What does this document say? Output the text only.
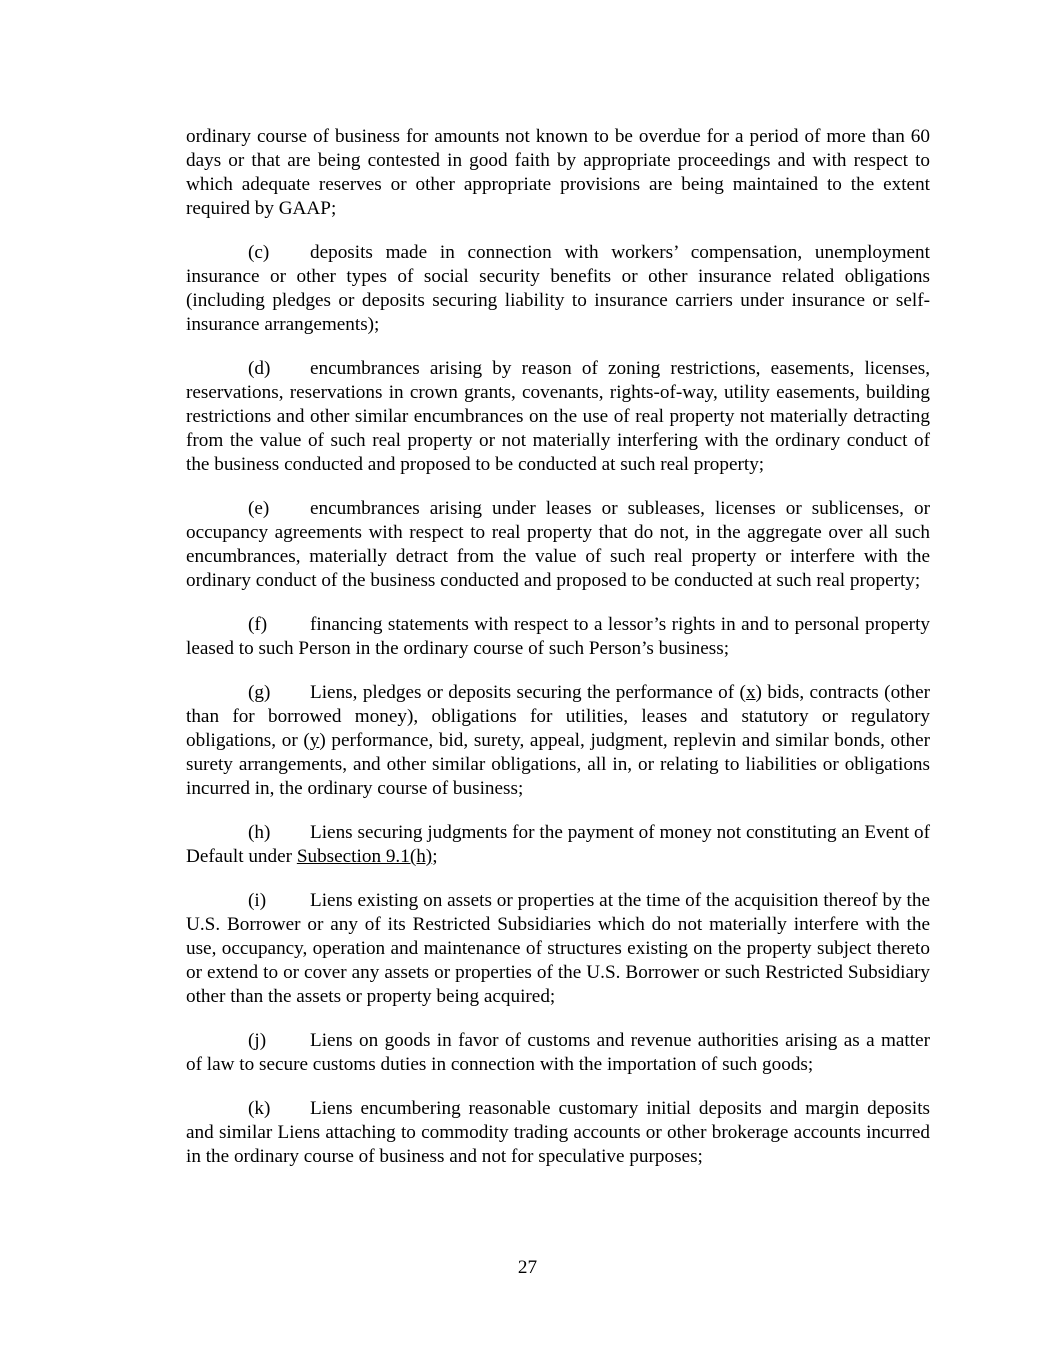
ordinary course of business for amounts not known to be overdue for a period of more than 60 days or that are being contested in good faith by appropriate proceedings and with respect to which adequate reserves or other appropriate provisions are being maintained to the extent required by GAAP;

(c) deposits made in connection with workers’ compensation, unemployment insurance or other types of social security benefits or other insurance related obligations (including pledges or deposits securing liability to insurance carriers under insurance or self-insurance arrangements);

(d) encumbrances arising by reason of zoning restrictions, easements, licenses, reservations, reservations in crown grants, covenants, rights-of-way, utility easements, building restrictions and other similar encumbrances on the use of real property not materially detracting from the value of such real property or not materially interfering with the ordinary conduct of the business conducted and proposed to be conducted at such real property;

(e) encumbrances arising under leases or subleases, licenses or sublicenses, or occupancy agreements with respect to real property that do not, in the aggregate over all such encumbrances, materially detract from the value of such real property or interfere with the ordinary conduct of the business conducted and proposed to be conducted at such real property;

(f) financing statements with respect to a lessor’s rights in and to personal property leased to such Person in the ordinary course of such Person’s business;

(g) Liens, pledges or deposits securing the performance of (x) bids, contracts (other than for borrowed money), obligations for utilities, leases and statutory or regulatory obligations, or (y) performance, bid, surety, appeal, judgment, replevin and similar bonds, other surety arrangements, and other similar obligations, all in, or relating to liabilities or obligations incurred in, the ordinary course of business;

(h) Liens securing judgments for the payment of money not constituting an Event of Default under Subsection 9.1(h);

(i) Liens existing on assets or properties at the time of the acquisition thereof by the U.S. Borrower or any of its Restricted Subsidiaries which do not materially interfere with the use, occupancy, operation and maintenance of structures existing on the property subject thereto or extend to or cover any assets or properties of the U.S. Borrower or such Restricted Subsidiary other than the assets or property being acquired;

(j) Liens on goods in favor of customs and revenue authorities arising as a matter of law to secure customs duties in connection with the importation of such goods;

(k) Liens encumbering reasonable customary initial deposits and margin deposits and similar Liens attaching to commodity trading accounts or other brokerage accounts incurred in the ordinary course of business and not for speculative purposes;

27
